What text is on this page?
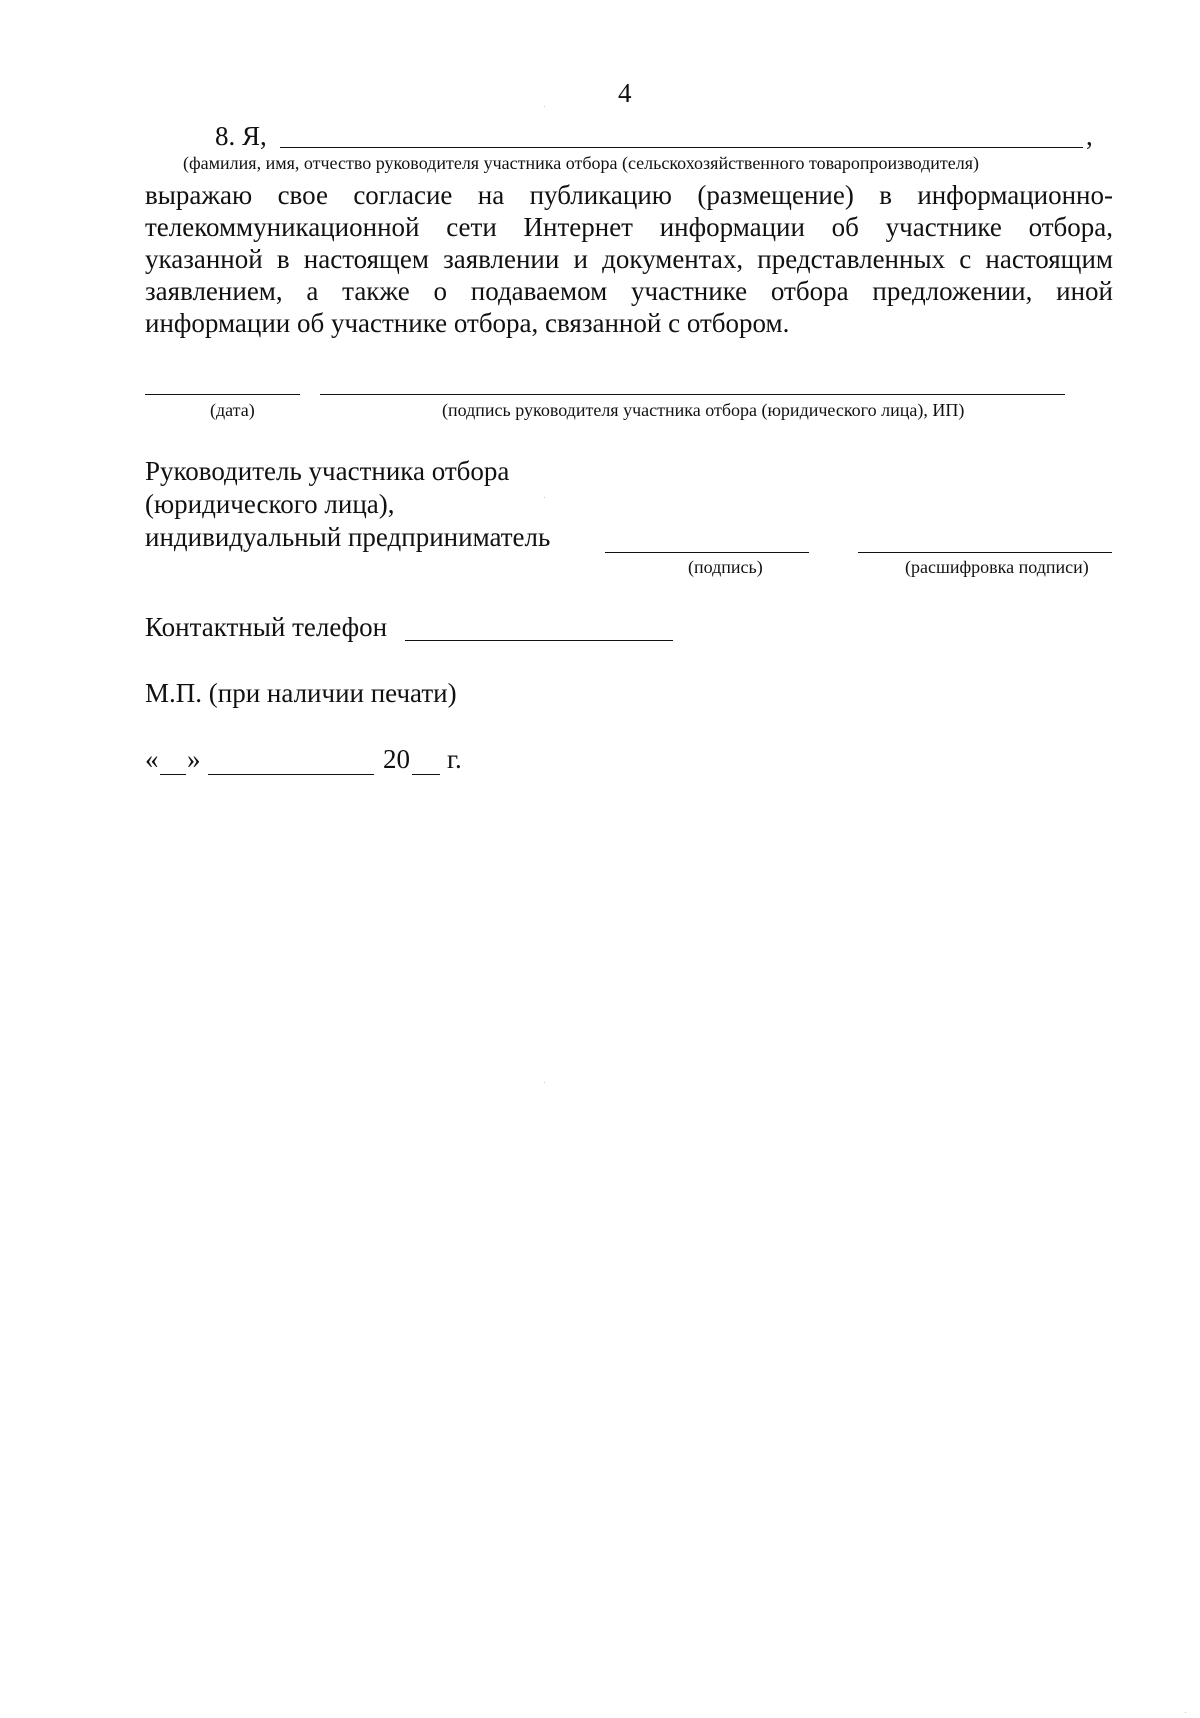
4
8. Я,	,
(фамилия, имя, отчество руководителя участника отбора (сельскохозяйственного товаропроизводителя)
выражаю свое согласие на публикацию (размещение) в информационно-
телекоммуникационной сети Интернет информации об участнике отбора,
указанной в настоящем заявлении и документах, представленных с настоящим
заявлением, а также о подаваемом участнике отбора предложении, иной
информации об участнике отбора, связанной с отбором.
(дата)	(подпись руководителя участника отбора (юридического лица), ИП)
Руководитель участника отбора
(юридического лица),
индивидуальный предприниматель
(подпись)	(расшифровка подписи)
Контактный телефон
М.П. (при наличии печати)
« »	20 г.
